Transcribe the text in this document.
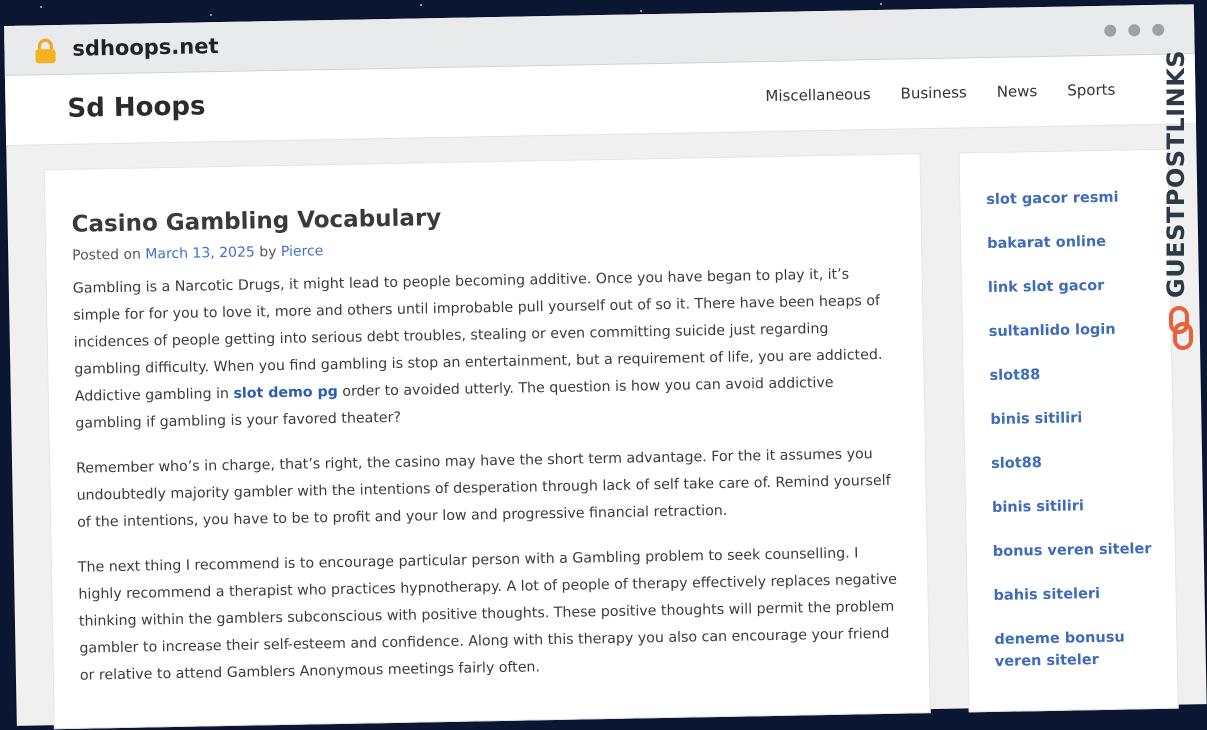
sdhoops.net
Sd Hoops	Miscellaneous Business News Sports
Casino Gambling Vocabulary
Posted on March 13, 2025 by Pierce

Gambling is a Narcotic Drugs, it might lead to people becoming additive. Once you have began to play it, it’s simple for for you to love it, more and others until improbable pull yourself out of so it. There have been heaps of incidences of people getting into serious debt troubles, stealing or even committing suicide just regarding gambling difficulty. When you find gambling is stop an entertainment, but a requirement of life, you are addicted. Addictive gambling in slot demo pg order to avoided utterly. The question is how you can avoid addictive gambling if gambling is your favored theater?

Remember who’s in charge, that’s right, the casino may have the short term advantage. For the it assumes you undoubtedly majority gambler with the intentions of desperation through lack of self take care of. Remind yourself of the intentions, you have to be to profit and your low and progressive financial retraction.

The next thing I recommend is to encourage particular person with a Gambling problem to seek counselling. I highly recommend a therapist who practices hypnotherapy. A lot of people of therapy effectively replaces negative thinking within the gamblers subconscious with positive thoughts. These positive thoughts will permit the problem gambler to increase their self-esteem and confidence. Along with this therapy you also can encourage your friend or relative to attend Gamblers Anonymous meetings fairly often.

slot gacor resmi
bakarat online
link slot gacor
sultanlido login
slot88
binis sitiliri
slot88
binis sitiliri
bonus veren siteler
bahis siteleri
deneme bonusu veren siteler
GUESTPOSTLINKS
